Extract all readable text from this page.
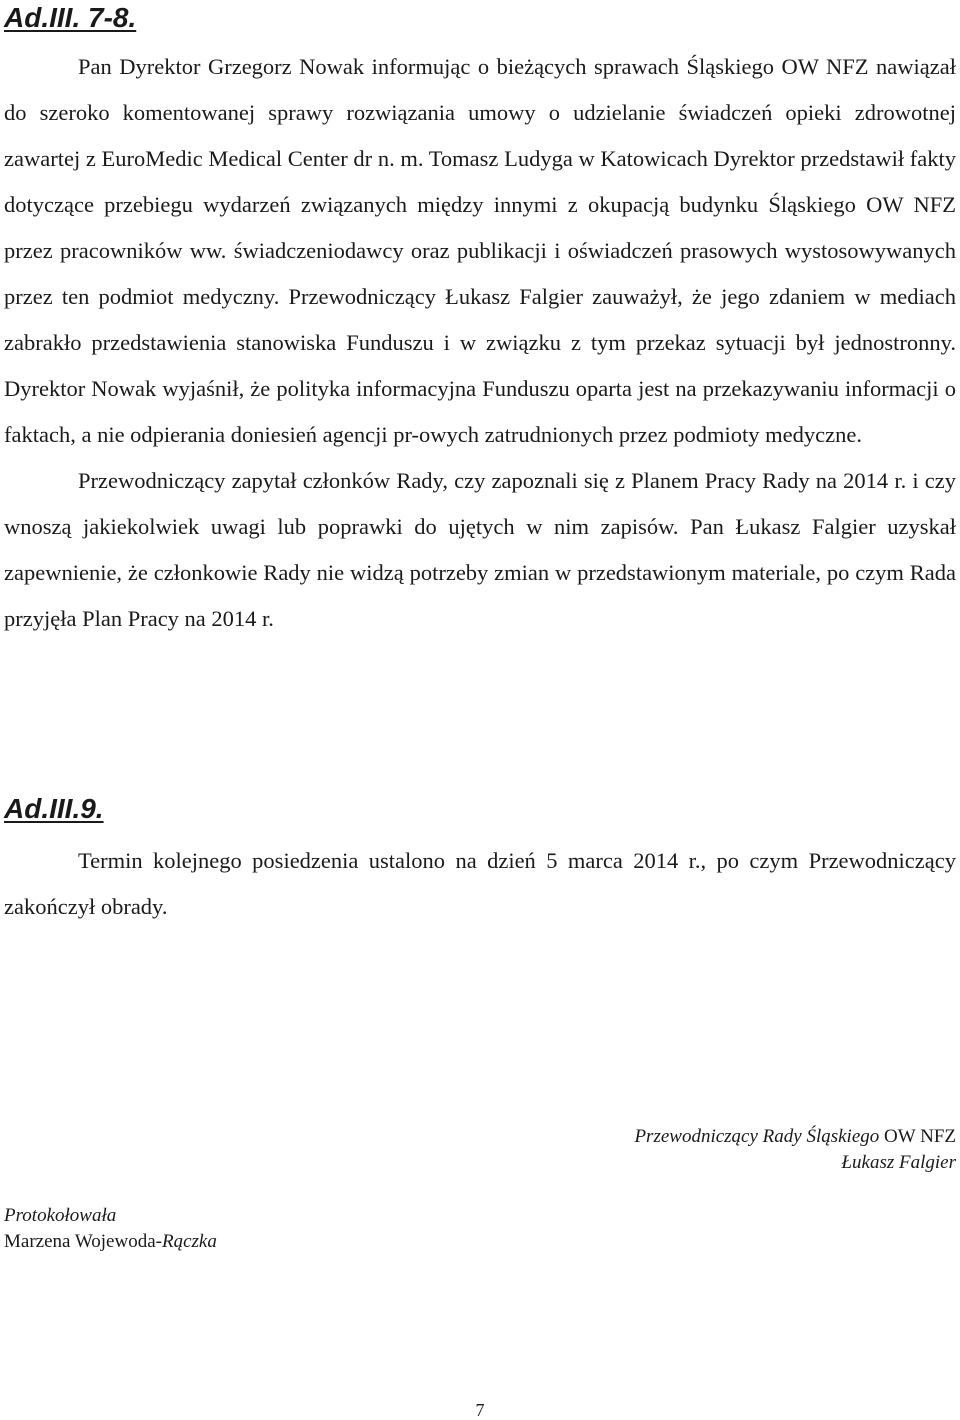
Ad.III. 7-8.

Pan Dyrektor Grzegorz Nowak informując o bieżących sprawach Śląskiego OW NFZ nawiązał do szeroko komentowanej sprawy rozwiązania umowy o udzielanie świadczeń opieki zdrowotnej zawartej z EuroMedic Medical Center dr n. m. Tomasz Ludyga w Katowicach Dyrektor przedstawił fakty dotyczące przebiegu wydarzeń związanych między innymi z okupacją budynku Śląskiego OW NFZ przez pracowników ww. świadczeniodawcy oraz publikacji i oświadczeń prasowych wystosowywanych przez ten podmiot medyczny. Przewodniczący Łukasz Falgier zauważył, że jego zdaniem w mediach zabrakło przedstawienia stanowiska Funduszu i w związku z tym przekaz sytuacji był jednostronny. Dyrektor Nowak wyjaśnił, że polityka informacyjna Funduszu oparta jest na przekazywaniu informacji o faktach, a nie odpierania doniesień agencji pr-owych zatrudnionych przez podmioty medyczne.

Przewodniczący zapytał członków Rady, czy zapoznali się z Planem Pracy Rady na 2014 r. i czy wnoszą jakiekolwiek uwagi lub poprawki do ujętych w nim zapisów. Pan Łukasz Falgier uzyskał zapewnienie, że członkowie Rady nie widzą potrzeby zmian w przedstawionym materiale, po czym Rada przyjęła Plan Pracy na 2014 r.

Ad.III.9.

Termin kolejnego posiedzenia ustalono na dzień 5 marca 2014 r., po czym Przewodniczący zakończył obrady.

Przewodniczący Rady Śląskiego OW NFZ
Łukasz Falgier
Protokołowała
Marzena Wojewoda-Rączka
7
